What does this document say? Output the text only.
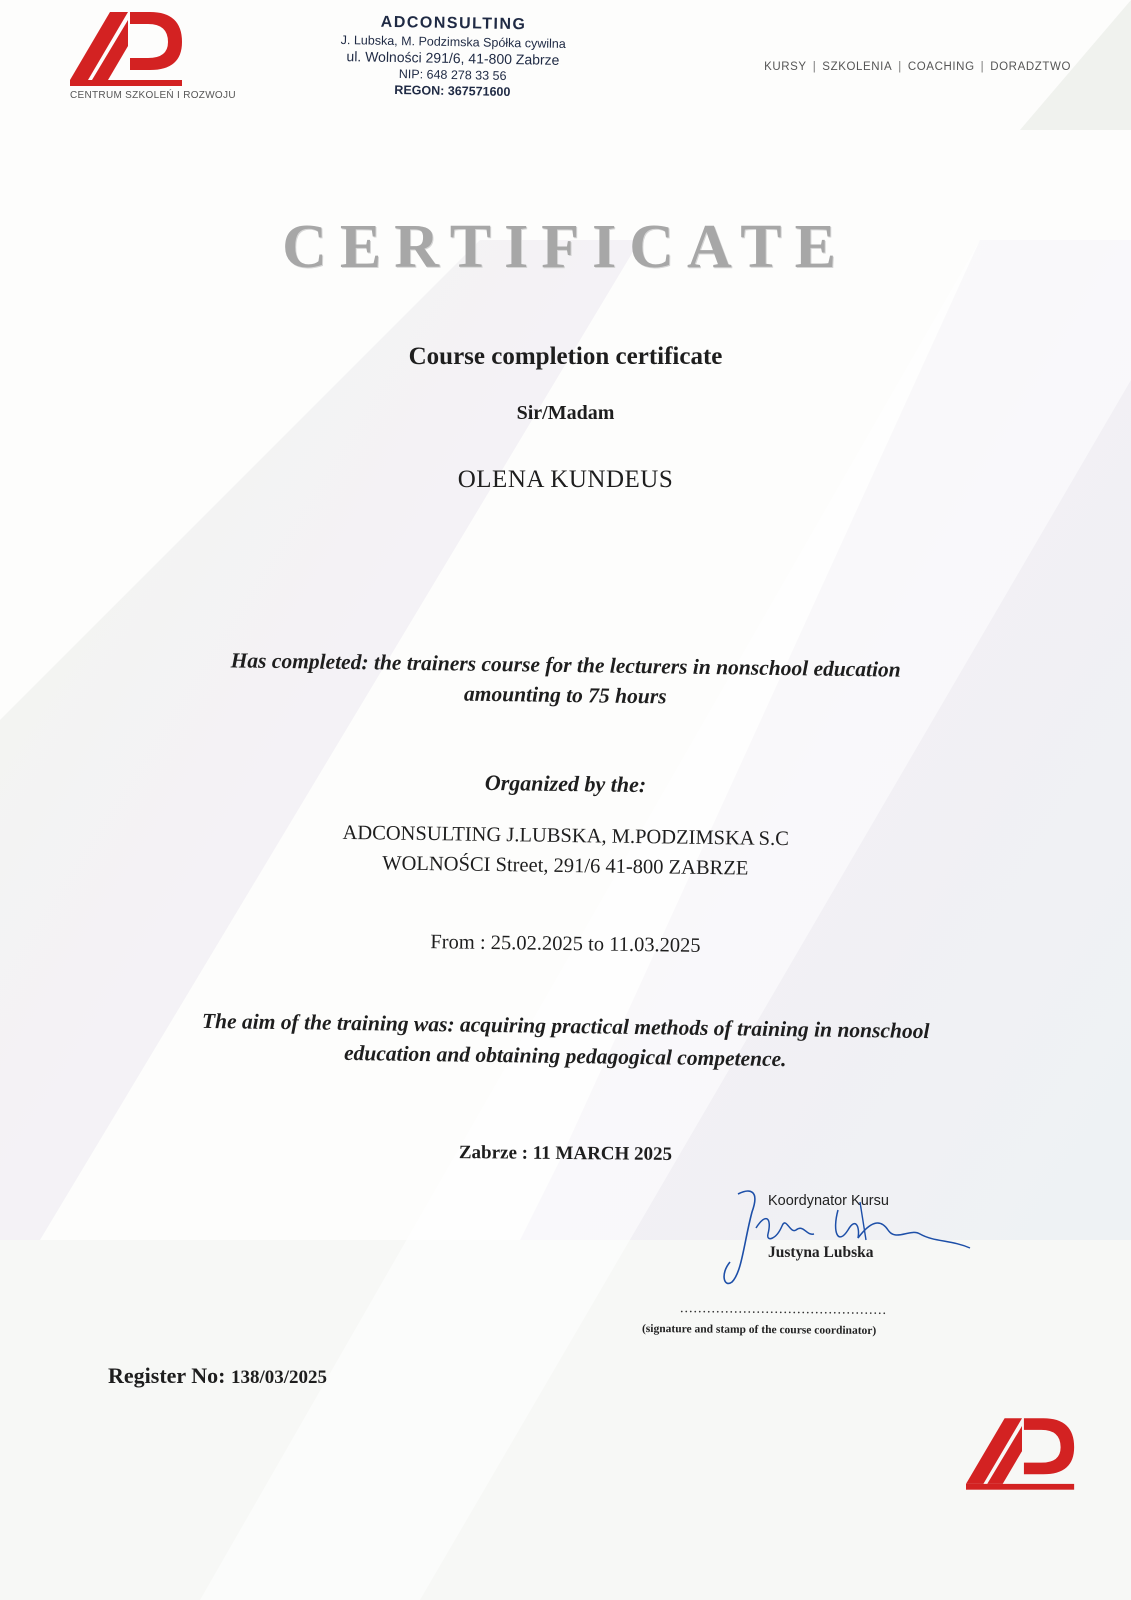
CENTRUM SZKOLEŃ I ROZWOJU
ADCONSULTING
J. Lubska, M. Podzimska Spółka cywilna
ul. Wolności 291/6, 41-800 Zabrze
NIP: 648 278 33 56
REGON: 367571600
KURSY | SZKOLENIA | COACHING | DORADZTWO
CERTIFICATE
Course completion certificate
Sir/Madam
OLENA KUNDEUS
Has completed: the trainers course for the lecturers in nonschool education
amounting to 75 hours
Organized by the:
ADCONSULTING J.LUBSKA, M.PODZIMSKA S.C
WOLNOŚCI Street, 291/6 41-800 ZABRZE
From : 25.02.2025 to 11.03.2025
The aim of the training was: acquiring practical methods of training in nonschool
education and obtaining pedagogical competence.
Zabrze : 11 MARCH 2025
Koordynator Kursu
Justyna Lubska
..............................................
(signature and stamp of the course coordinator)
Register No: 138/03/2025
